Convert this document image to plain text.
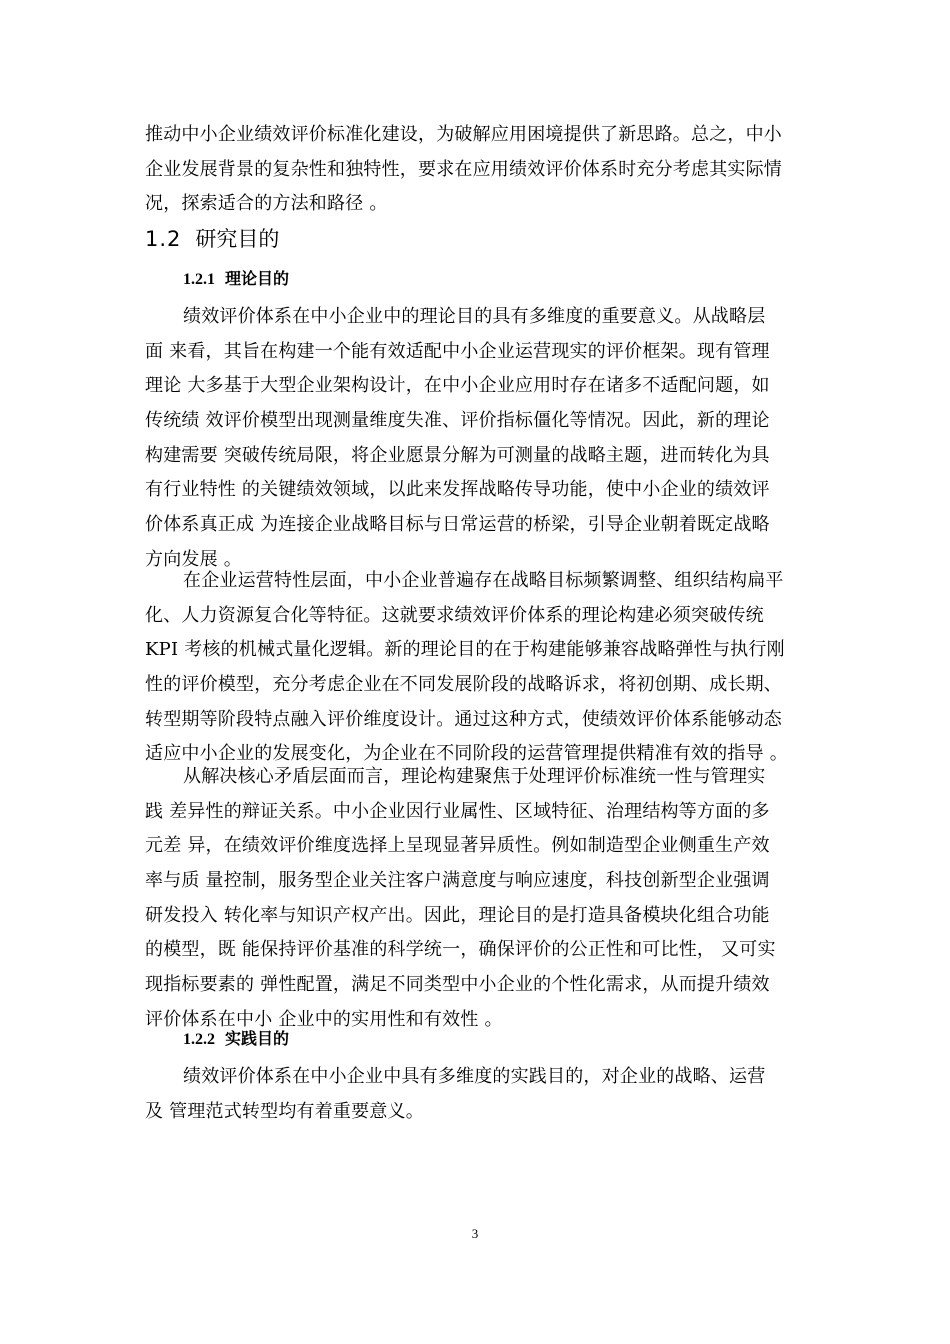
推动中小企业绩效评价标准化建设，为破解应用困境提供了新思路。总之，中小
企业发展背景的复杂性和独特性，要求在应用绩效评价体系时充分考虑其实际情
况，探索适合的方法和路径 。
1.2 研究目的
1.2.1 理论目的
绩效评价体系在中小企业中的理论目的具有多维度的重要意义。从战略层
面 来看，其旨在构建一个能有效适配中小企业运营现实的评价框架。现有管理
理论 大多基于大型企业架构设计，在中小企业应用时存在诸多不适配问题，如
传统绩 效评价模型出现测量维度失准、评价指标僵化等情况。因此，新的理论
构建需要 突破传统局限，将企业愿景分解为可测量的战略主题，进而转化为具
有行业特性 的关键绩效领域，以此来发挥战略传导功能，使中小企业的绩效评
价体系真正成 为连接企业战略目标与日常运营的桥梁，引导企业朝着既定战略
方向发展 。
在企业运营特性层面，中小企业普遍存在战略目标频繁调整、组织结构扁平
化、人力资源复合化等特征。这就要求绩效评价体系的理论构建必须突破传统
KPI 考核的机械式量化逻辑。新的理论目的在于构建能够兼容战略弹性与执行刚
性的评价模型，充分考虑企业在不同发展阶段的战略诉求，将初创期、成长期、
转型期等阶段特点融入评价维度设计。通过这种方式，使绩效评价体系能够动态
适应中小企业的发展变化，为企业在不同阶段的运营管理提供精准有效的指导 。
从解决核心矛盾层面而言，理论构建聚焦于处理评价标准统一性与管理实
践 差异性的辩证关系。中小企业因行业属性、区域特征、治理结构等方面的多
元差 异，在绩效评价维度选择上呈现显著异质性。例如制造型企业侧重生产效
率与质 量控制，服务型企业关注客户满意度与响应速度，科技创新型企业强调
研发投入 转化率与知识产权产出。因此，理论目的是打造具备模块化组合功能
的模型，既 能保持评价基准的科学统一，确保评价的公正性和可比性， 又可实
现指标要素的 弹性配置，满足不同类型中小企业的个性化需求，从而提升绩效
评价体系在中小 企业中的实用性和有效性 。
1.2.2 实践目的
绩效评价体系在中小企业中具有多维度的实践目的，对企业的战略、运营
及 管理范式转型均有着重要意义。
3
